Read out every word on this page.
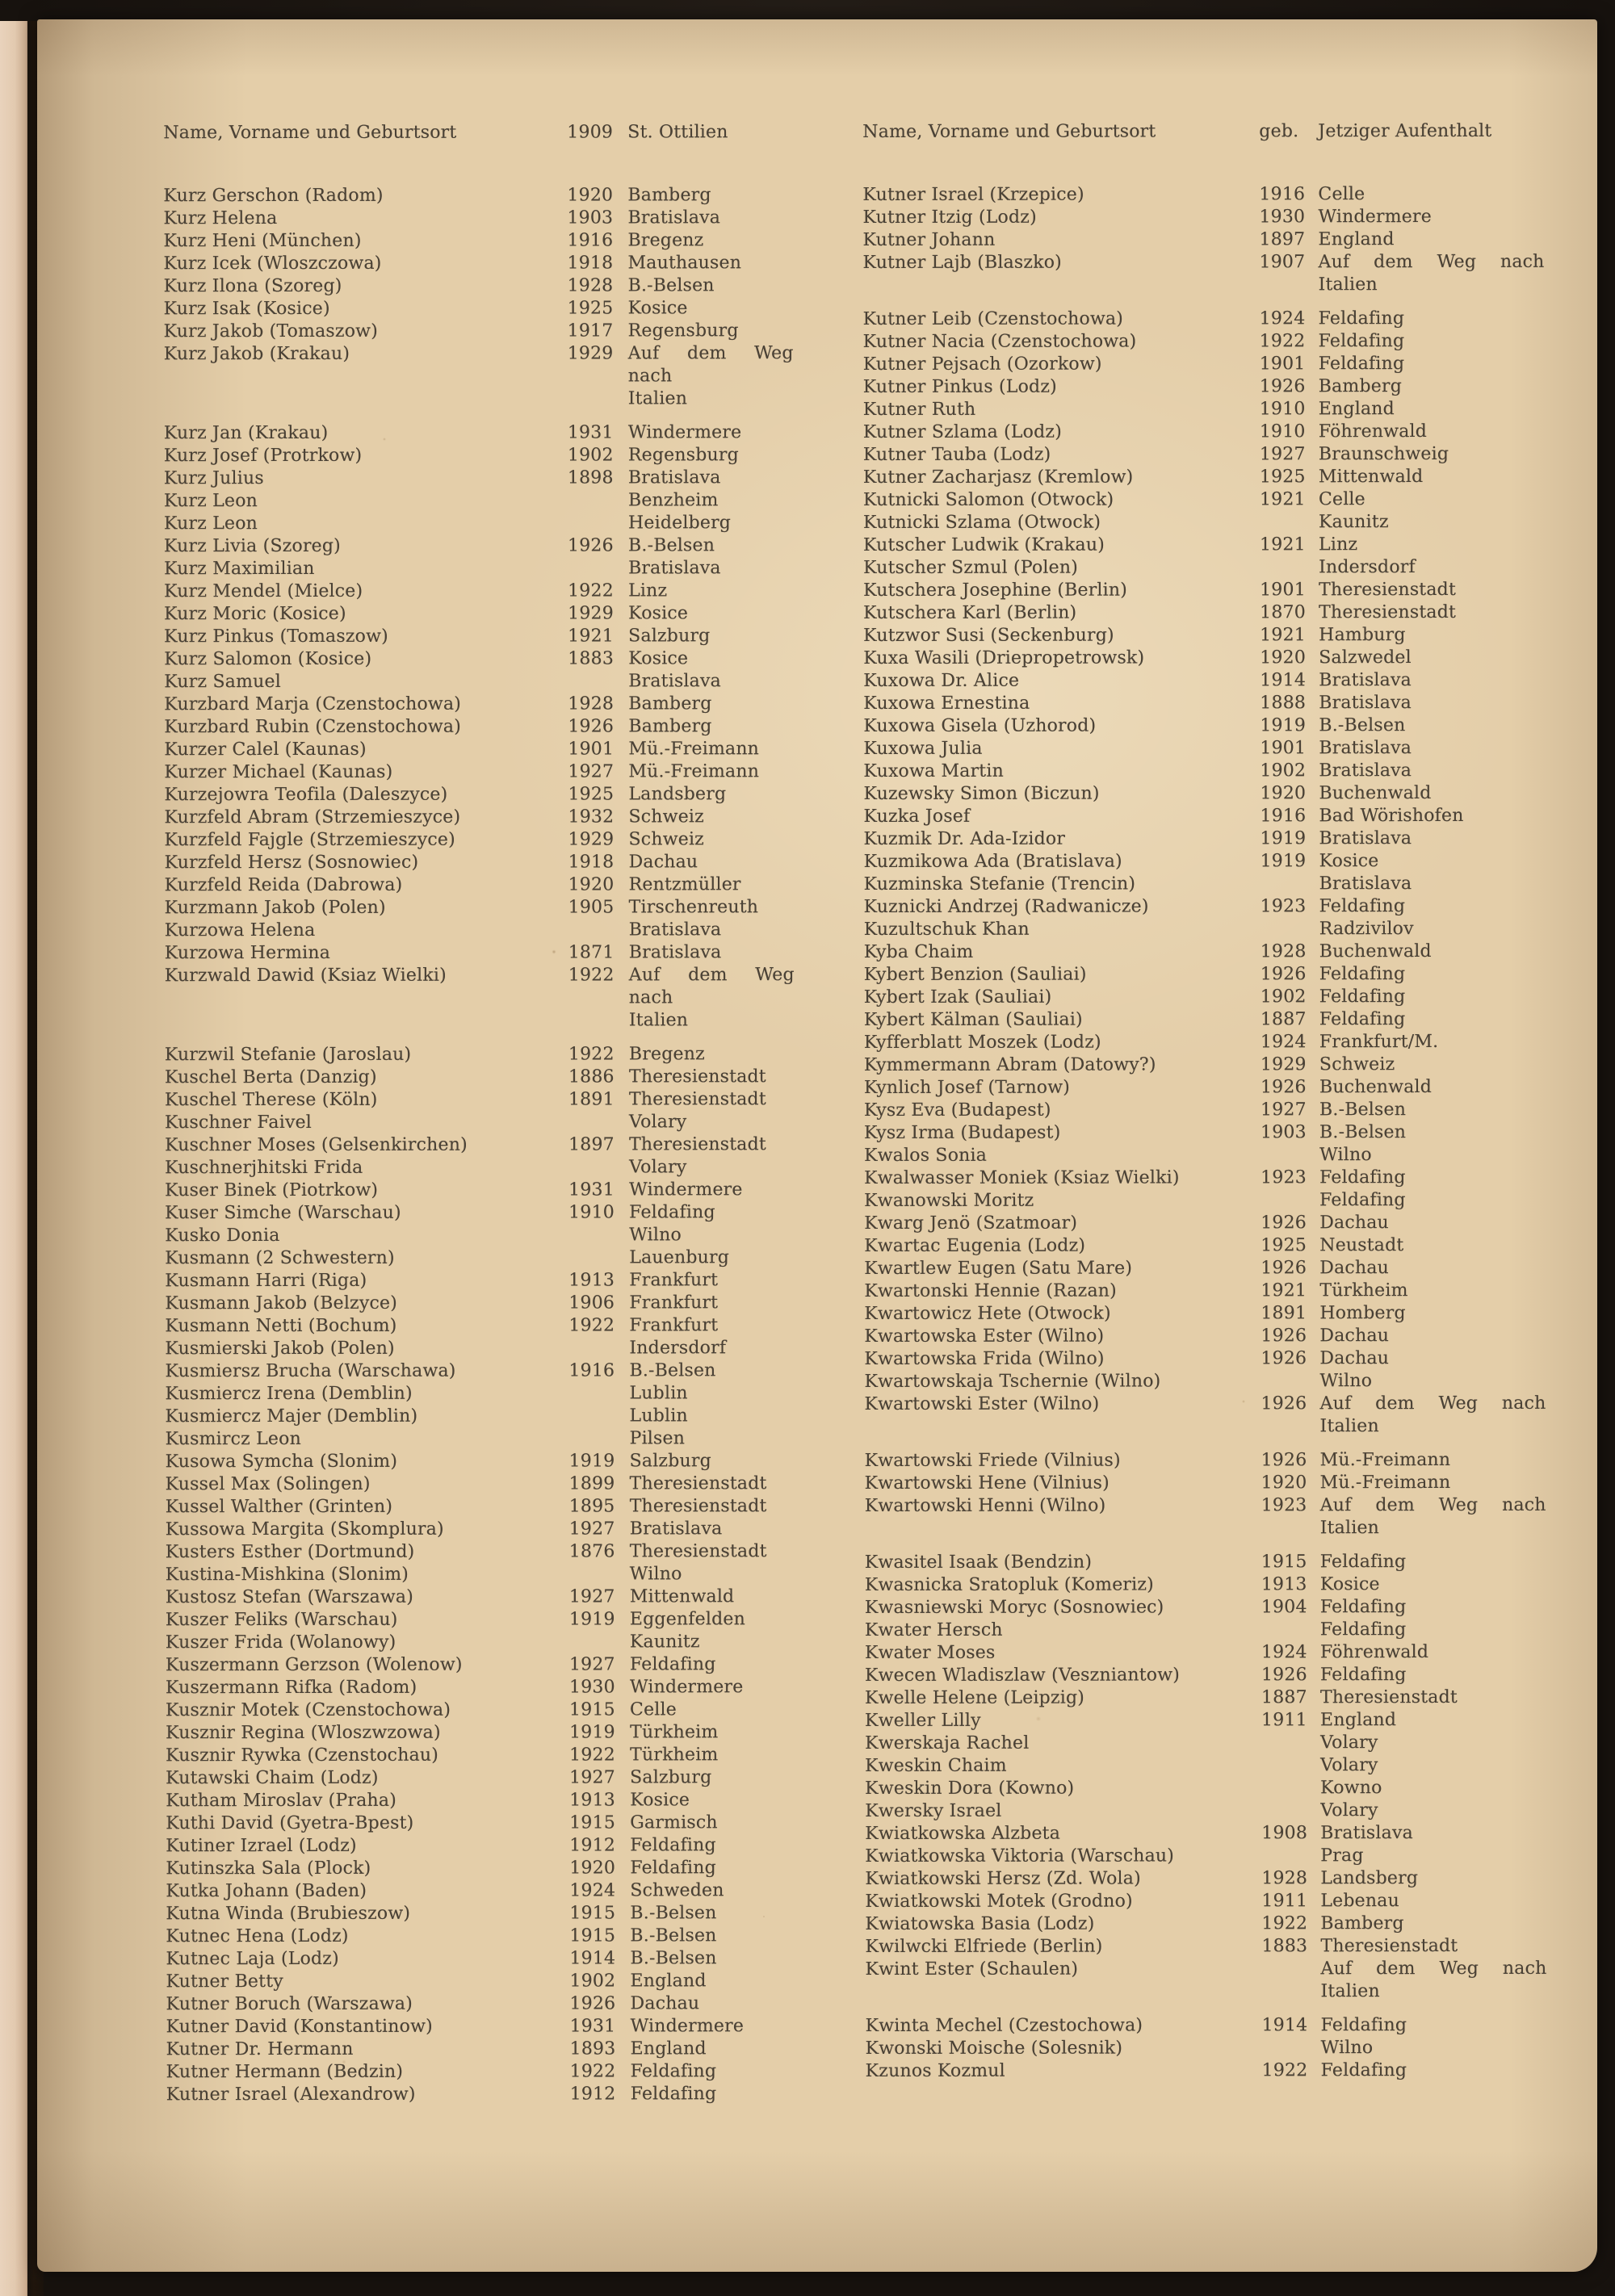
Name, Vorname und Geburtsort	1909 St. Ottilien
Kurz Gerschon (Radom)	1920 Bamberg
Kurz Helena	1903 Bratislava
Kurz Heni (München)	1916 Bregenz
Kurz Icek (Wloszczowa)	1918 Mauthausen
Kurz Ilona (Szoreg)	1928 B.-Belsen
Kurz Isak (Kosice)	1925 Kosice
Kurz Jakob (Tomaszow)	1917 Regensburg
Kurz Jakob (Krakau)	1929 Auf dem Weg nach
Italien
Kurz Jan (Krakau)	1931 Windermere
Kurz Josef (Protrkow)	1902 Regensburg
Kurz Julius	1898 Bratislava
Kurz Leon	Benzheim
Kurz Leon	Heidelberg
Kurz Livia (Szoreg)	1926 B.-Belsen
Kurz Maximilian	Bratislava
Kurz Mendel (Mielce)	1922 Linz
Kurz Moric (Kosice)	1929 Kosice
Kurz Pinkus (Tomaszow)	1921 Salzburg
Kurz Salomon (Kosice)	1883 Kosice
Kurz Samuel	Bratislava
Kurzbard Marja (Czenstochowa)	1928 Bamberg
Kurzbard Rubin (Czenstochowa)	1926 Bamberg
Kurzer Calel (Kaunas)	1901 Mü.-Freimann
Kurzer Michael (Kaunas)	1927 Mü.-Freimann
Kurzejowra Teofila (Daleszyce)	1925 Landsberg
Kurzfeld Abram (Strzemieszyce)	1932 Schweiz
Kurzfeld Fajgle (Strzemieszyce)	1929 Schweiz
Kurzfeld Hersz (Sosnowiec)	1918 Dachau
Kurzfeld Reida (Dabrowa)	1920 Rentzmüller
Kurzmann Jakob (Polen)	1905 Tirschenreuth
Kurzowa Helena	Bratislava
Kurzowa Hermina	1871 Bratislava
Kurzwald Dawid (Ksiaz Wielki)	1922 Auf dem Weg nach
Italien
Kurzwil Stefanie (Jaroslau)	1922 Bregenz
Kuschel Berta (Danzig)	1886 Theresienstadt
Kuschel Therese (Köln)	1891 Theresienstadt
Kuschner Faivel	Volary
Kuschner Moses (Gelsenkirchen)	1897 Theresienstadt
Kuschnerjhitski Frida	Volary
Kuser Binek (Piotrkow)	1931 Windermere
Kuser Simche (Warschau)	1910 Feldafing
Kusko Donia	Wilno
Kusmann (2 Schwestern)	Lauenburg
Kusmann Harri (Riga)	1913 Frankfurt
Kusmann Jakob (Belzyce)	1906 Frankfurt
Kusmann Netti (Bochum)	1922 Frankfurt
Kusmierski Jakob (Polen)	Indersdorf
Kusmiersz Brucha (Warschawa)	1916 B.-Belsen
Kusmiercz Irena (Demblin)	Lublin
Kusmiercz Majer (Demblin)	Lublin
Kusmircz Leon	Pilsen
Kusowa Symcha (Slonim)	1919 Salzburg
Kussel Max (Solingen)	1899 Theresienstadt
Kussel Walther (Grinten)	1895 Theresienstadt
Kussowa Margita (Skomplura)	1927 Bratislava
Kusters Esther (Dortmund)	1876 Theresienstadt
Kustina-Mishkina (Slonim)	Wilno
Kustosz Stefan (Warszawa)	1927 Mittenwald
Kuszer Feliks (Warschau)	1919 Eggenfelden
Kuszer Frida (Wolanowy)	Kaunitz
Kuszermann Gerzson (Wolenow)	1927 Feldafing
Kuszermann Rifka (Radom)	1930 Windermere
Kusznir Motek (Czenstochowa)	1915 Celle
Kusznir Regina (Wloszwzowa)	1919 Türkheim
Kusznir Rywka (Czenstochau)	1922 Türkheim
Kutawski Chaim (Lodz)	1927 Salzburg
Kutham Miroslav (Praha)	1913 Kosice
Kuthi David (Gyetra-Bpest)	1915 Garmisch
Kutiner Izrael (Lodz)	1912 Feldafing
Kutinszka Sala (Plock)	1920 Feldafing
Kutka Johann (Baden)	1924 Schweden
Kutna Winda (Brubieszow)	1915 B.-Belsen
Kutnec Hena (Lodz)	1915 B.-Belsen
Kutnec Laja (Lodz)	1914 B.-Belsen
Kutner Betty	1902 England
Kutner Boruch (Warszawa)	1926 Dachau
Kutner David (Konstantinow)	1931 Windermere
Kutner Dr. Hermann	1893 England
Kutner Hermann (Bedzin)	1922 Feldafing
Kutner Israel (Alexandrow)	1912 Feldafing
Name, Vorname und Geburtsort	geb.	Jetziger Aufenthalt
Kutner Israel (Krzepice)	1916 Celle
Kutner Itzig (Lodz)	1930 Windermere
Kutner Johann	1897 England
Kutner Lajb (Blaszko)	1907 Auf dem Weg nach
Italien
Kutner Leib (Czenstochowa)	1924 Feldafing
Kutner Nacia (Czenstochowa)	1922 Feldafing
Kutner Pejsach (Ozorkow)	1901 Feldafing
Kutner Pinkus (Lodz)	1926 Bamberg
Kutner Ruth	1910 England
Kutner Szlama (Lodz)	1910 Föhrenwald
Kutner Tauba (Lodz)	1927 Braunschweig
Kutner Zacharjasz (Kremlow)	1925 Mittenwald
Kutnicki Salomon (Otwock)	1921 Celle
Kutnicki Szlama (Otwock)	Kaunitz
Kutscher Ludwik (Krakau)	1921 Linz
Kutscher Szmul (Polen)	Indersdorf
Kutschera Josephine (Berlin)	1901 Theresienstadt
Kutschera Karl (Berlin)	1870 Theresienstadt
Kutzwor Susi (Seckenburg)	1921 Hamburg
Kuxa Wasili (Driepropetrowsk)	1920 Salzwedel
Kuxowa Dr. Alice	1914 Bratislava
Kuxowa Ernestina	1888 Bratislava
Kuxowa Gisela (Uzhorod)	1919 B.-Belsen
Kuxowa Julia	1901 Bratislava
Kuxowa Martin	1902 Bratislava
Kuzewsky Simon (Biczun)	1920 Buchenwald
Kuzka Josef	1916 Bad Wörishofen
Kuzmik Dr. Ada-Izidor	1919 Bratislava
Kuzmikowa Ada (Bratislava)	1919 Kosice
Kuzminska Stefanie (Trencin)	Bratislava
Kuznicki Andrzej (Radwanicze)	1923 Feldafing
Kuzultschuk Khan	Radzivilov
Kyba Chaim	1928 Buchenwald
Kybert Benzion (Sauliai)	1926 Feldafing
Kybert Izak (Sauliai)	1902 Feldafing
Kybert Kälman (Sauliai)	1887 Feldafing
Kyfferblatt Moszek (Lodz)	1924 Frankfurt/M.
Kymmermann Abram (Datowy?)	1929 Schweiz
Kynlich Josef (Tarnow)	1926 Buchenwald
Kysz Eva (Budapest)	1927 B.-Belsen
Kysz Irma (Budapest)	1903 B.-Belsen
Kwalos Sonia	Wilno
Kwalwasser Moniek (Ksiaz Wielki)	1923 Feldafing
Kwanowski Moritz	Feldafing
Kwarg Jenö (Szatmoar)	1926 Dachau
Kwartac Eugenia (Lodz)	1925 Neustadt
Kwartlew Eugen (Satu Mare)	1926 Dachau
Kwartonski Hennie (Razan)	1921 Türkheim
Kwartowicz Hete (Otwock)	1891 Homberg
Kwartowska Ester (Wilno)	1926 Dachau
Kwartowska Frida (Wilno)	1926 Dachau
Kwartowskaja Tschernie (Wilno)	Wilno
Kwartowski Ester (Wilno)	1926 Auf dem Weg nach
Italien
Kwartowski Friede (Vilnius)	1926 Mü.-Freimann
Kwartowski Hene (Vilnius)	1920 Mü.-Freimann
Kwartowski Henni (Wilno)	1923 Auf dem Weg nach
Italien
Kwasitel Isaak (Bendzin)	1915 Feldafing
Kwasnicka Sratopluk (Komeriz)	1913 Kosice
Kwasniewski Moryc (Sosnowiec)	1904 Feldafing
Kwater Hersch	Feldafing
Kwater Moses	1924 Föhrenwald
Kwecen Wladiszlaw (Veszniantow)	1926 Feldafing
Kwelle Helene (Leipzig)	1887 Theresienstadt
Kweller Lilly	1911 England
Kwerskaja Rachel	Volary
Kweskin Chaim	Volary
Kweskin Dora (Kowno)	Kowno
Kwersky Israel	Volary
Kwiatkowska Alzbeta	1908 Bratislava
Kwiatkowska Viktoria (Warschau)	Prag
Kwiatkowski Hersz (Zd. Wola)	1928 Landsberg
Kwiatkowski Motek (Grodno)	1911 Lebenau
Kwiatowska Basia (Lodz)	1922 Bamberg
Kwilwcki Elfriede (Berlin)	1883 Theresienstadt
Kwint Ester (Schaulen)	Auf dem Weg nach
Italien
Kwinta Mechel (Czestochowa)	1914 Feldafing
Kwonski Moische (Solesnik)	Wilno
Kzunos Kozmul	1922 Feldafing
